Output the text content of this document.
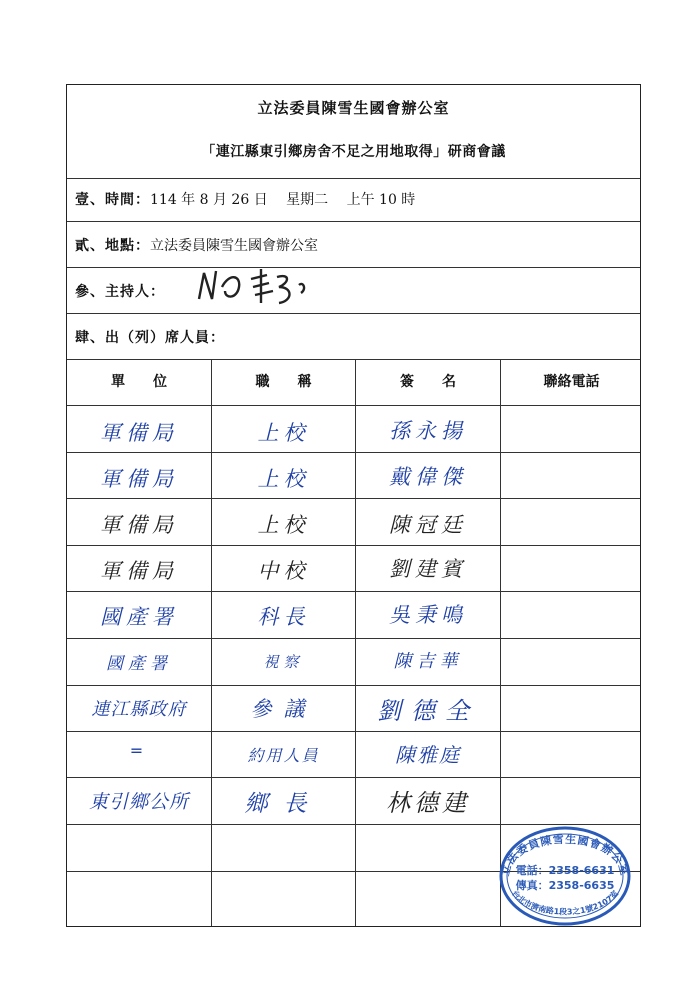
立法委員陳雪生國會辦公室
「連江縣東引鄉房舍不足之用地取得」研商會議
壹、時間：114 年 8 月 26 日　 星期二　 上午 10 時
貳、地點：立法委員陳雪生國會辦公室
參、主持人：
肆、出（列）席人員：
單　　位	職　　稱	簽　　名	聯絡電話
軍備局	上校	孫永揚
軍備局	上校	戴偉傑
軍備局	上校	陳冠廷
軍備局	中校	劉建賓
國產署	科長	吳秉鳴
國產署	視察	陳吉華
連江縣政府	參議	劉德全
=	約用人員	陳雅庭
東引鄉公所	鄉長	林德建
立法委員陳雪生國會辦公室
電話：2358-6631
傳真：2358-6635
台北市濟南路1段3之1號2107室
